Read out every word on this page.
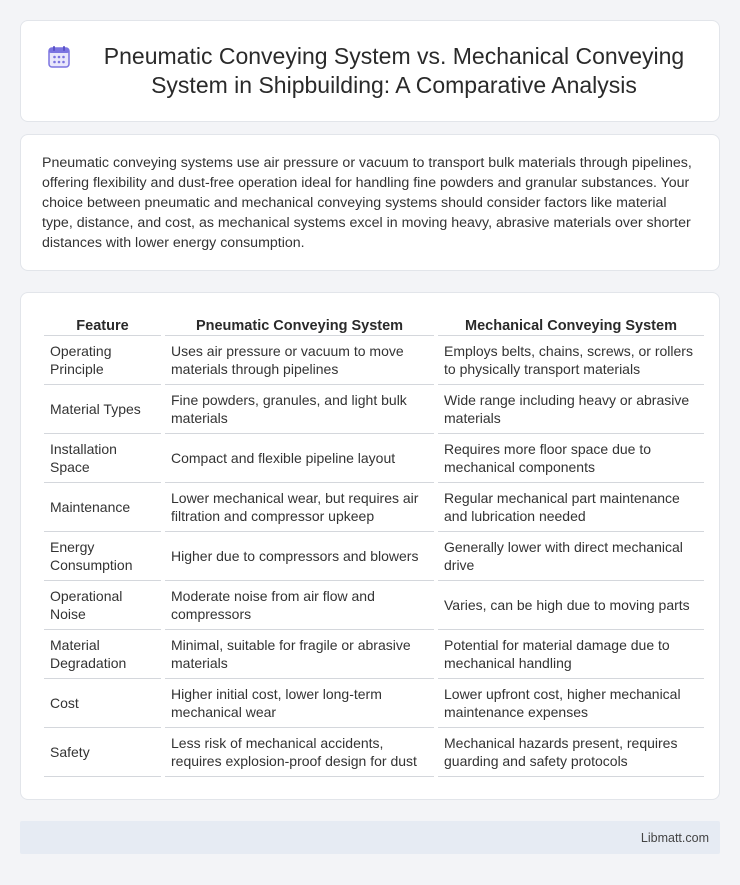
Pneumatic Conveying System vs. Mechanical Conveying System in Shipbuilding: A Comparative Analysis

Pneumatic conveying systems use air pressure or vacuum to transport bulk materials through pipelines, offering flexibility and dust-free operation ideal for handling fine powders and granular substances. Your choice between pneumatic and mechanical conveying systems should consider factors like material type, distance, and cost, as mechanical systems excel in moving heavy, abrasive materials over shorter distances with lower energy consumption.

Feature	Pneumatic Conveying System	Mechanical Conveying System
Operating Principle	Uses air pressure or vacuum to move materials through pipelines	Employs belts, chains, screws, or rollers to physically transport materials
Material Types	Fine powders, granules, and light bulk materials	Wide range including heavy or abrasive materials
Installation Space	Compact and flexible pipeline layout	Requires more floor space due to mechanical components
Maintenance	Lower mechanical wear, but requires air filtration and compressor upkeep	Regular mechanical part maintenance and lubrication needed
Energy Consumption	Higher due to compressors and blowers	Generally lower with direct mechanical drive
Operational Noise	Moderate noise from air flow and compressors	Varies, can be high due to moving parts
Material Degradation	Minimal, suitable for fragile or abrasive materials	Potential for material damage due to mechanical handling
Cost	Higher initial cost, lower long-term mechanical wear	Lower upfront cost, higher mechanical maintenance expenses
Safety	Less risk of mechanical accidents, requires explosion-proof design for dust	Mechanical hazards present, requires guarding and safety protocols
Libmatt.com
